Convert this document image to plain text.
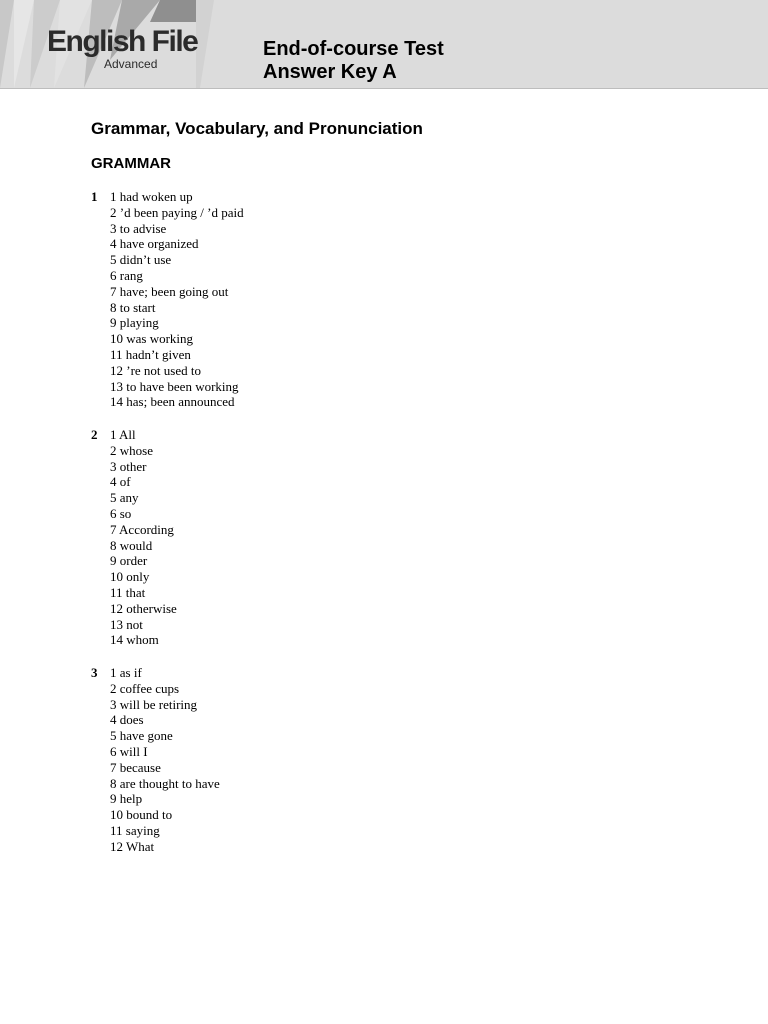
English File
Advanced
End-of-course Test
Answer Key A
Grammar, Vocabulary, and Pronunciation
GRAMMAR
1 1 had woken up
2 ’d been paying / ’d paid
3 to advise
4 have organized
5 didn’t use
6 rang
7 have; been going out
8 to start
9 playing
10 was working
11 hadn’t given
12 ’re not used to
13 to have been working
14 has; been announced
2 1 All
2 whose
3 other
4 of
5 any
6 so
7 According
8 would
9 order
10 only
11 that
12 otherwise
13 not
14 whom
3 1 as if
2 coffee cups
3 will be retiring
4 does
5 have gone
6 will I
7 because
8 are thought to have
9 help
10 bound to
11 saying
12 What
